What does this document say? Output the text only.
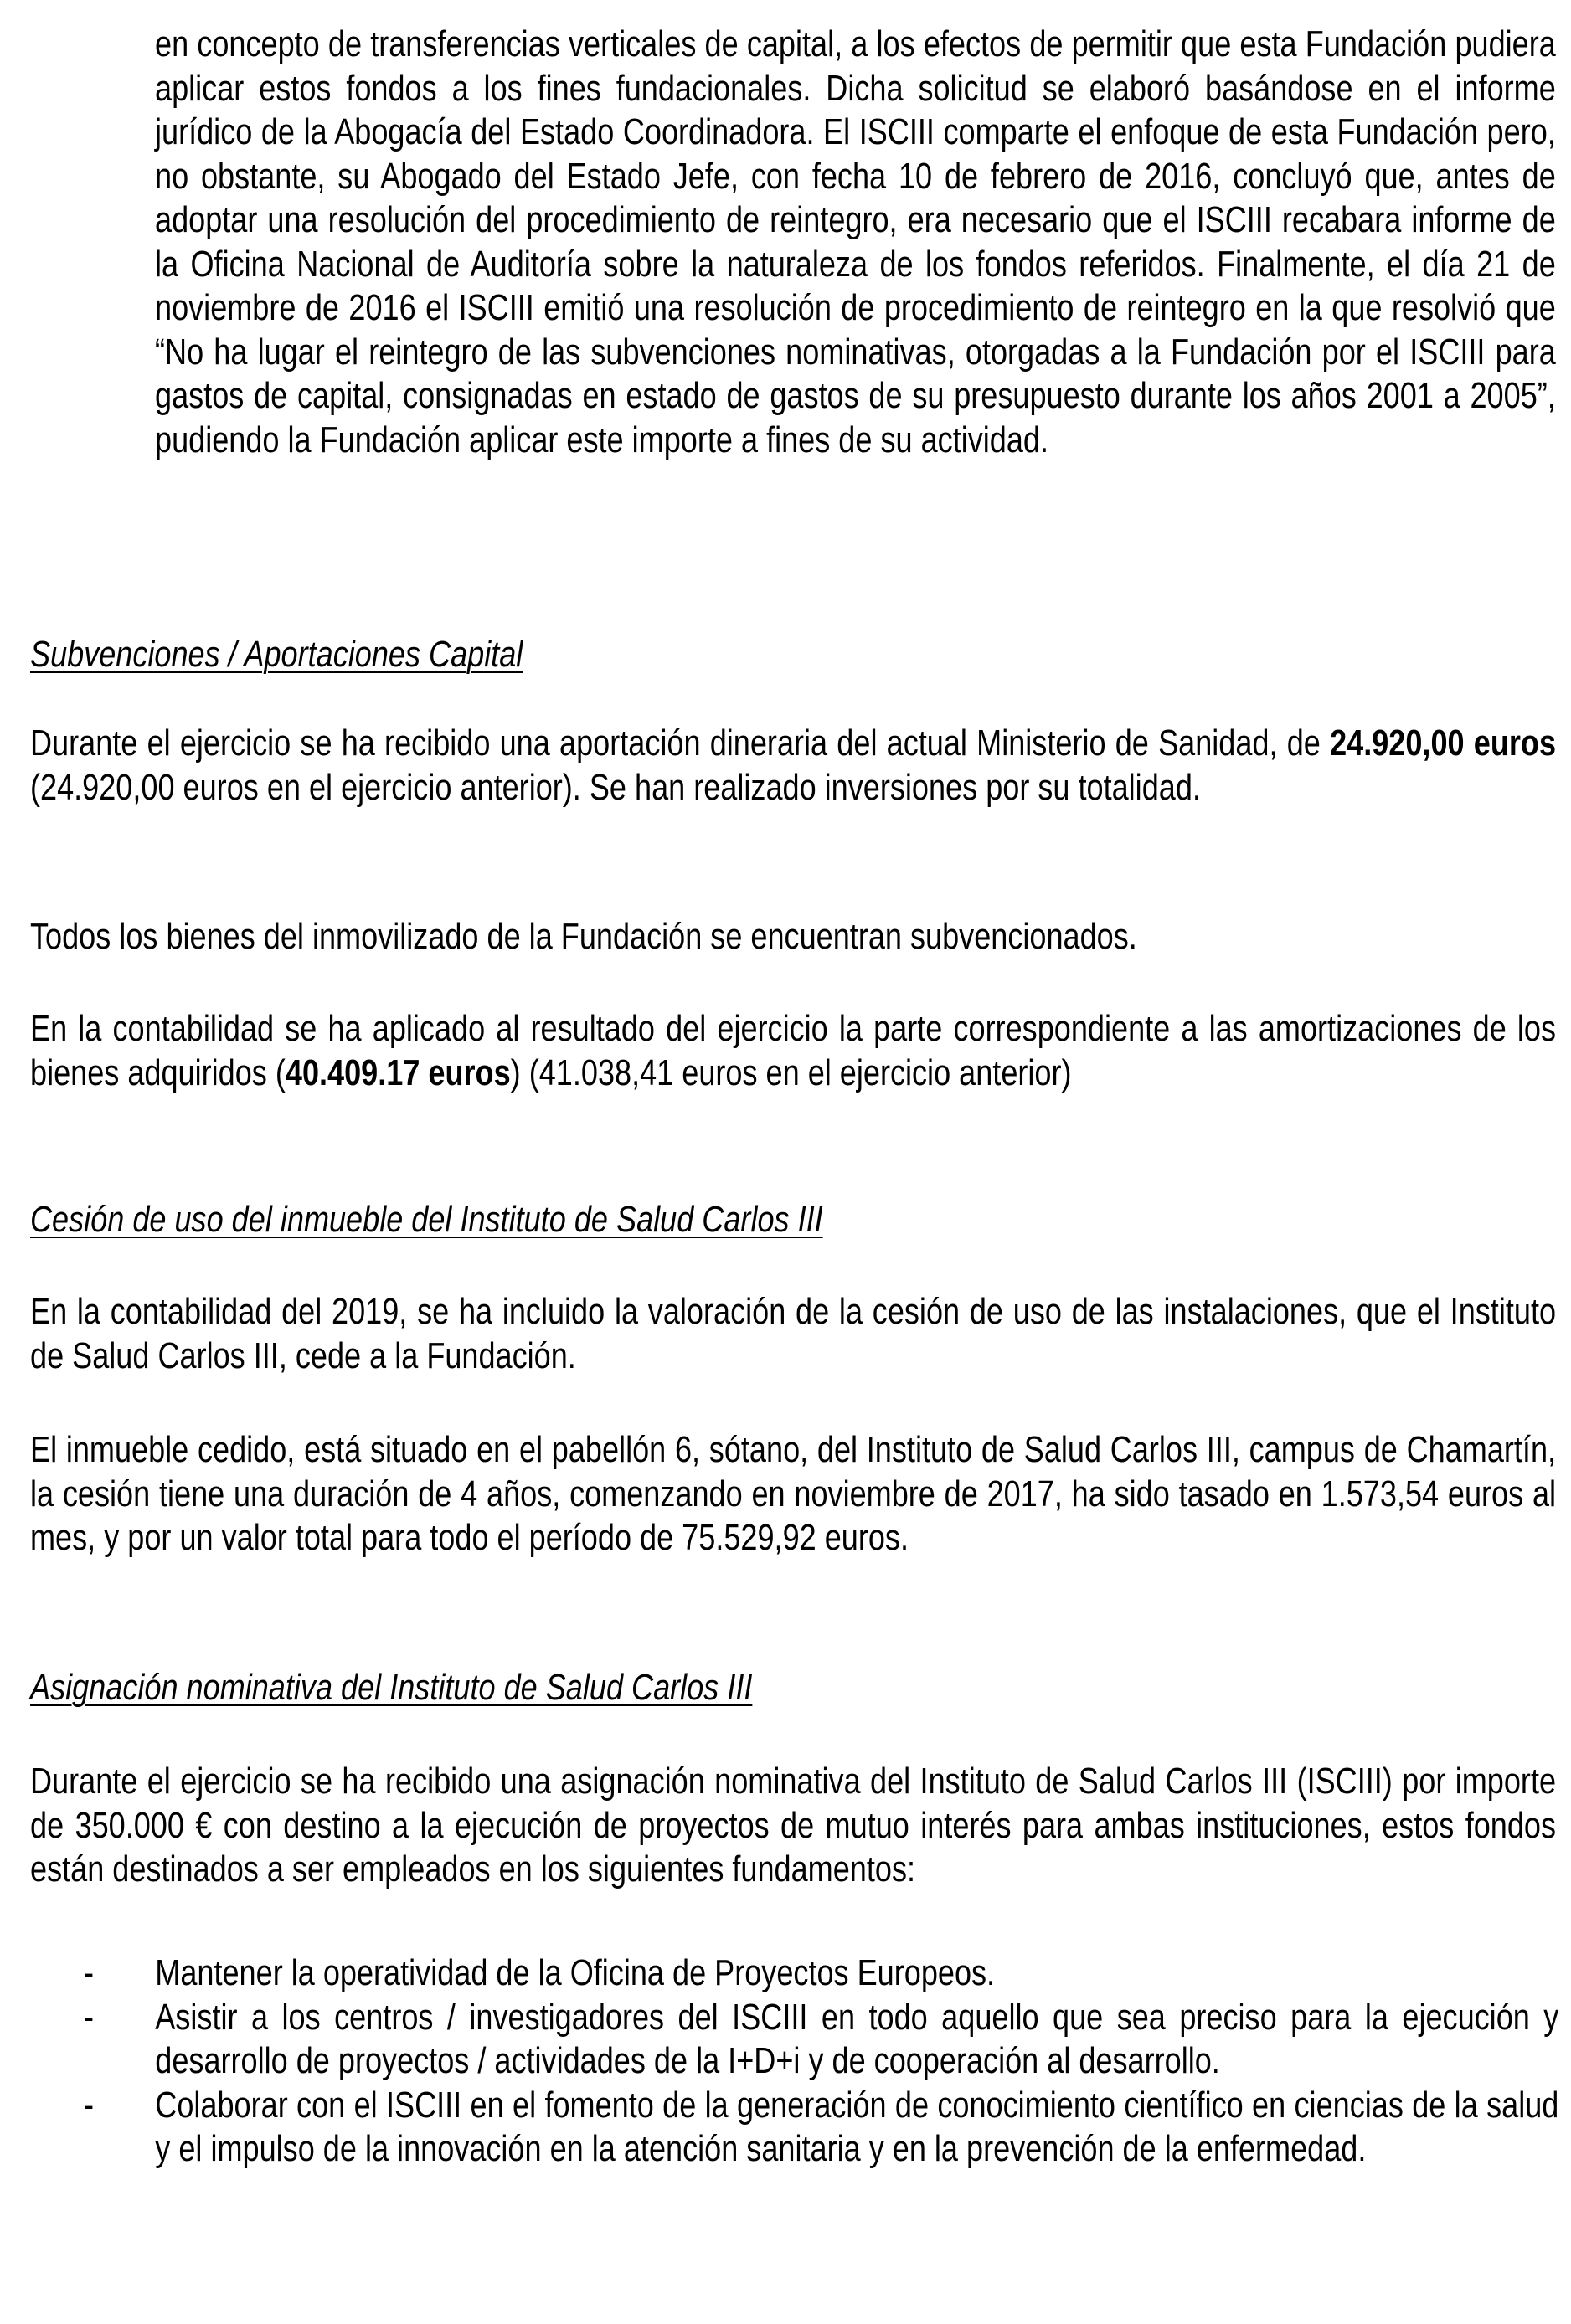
en concepto de transferencias verticales de capital, a los efectos de permitir que esta Fundación pudiera aplicar estos fondos a los fines fundacionales. Dicha solicitud se elaboró basándose en el informe jurídico de la Abogacía del Estado Coordinadora. El ISCIII comparte el enfoque de esta Fundación pero, no obstante, su Abogado del Estado Jefe, con fecha 10 de febrero de 2016, concluyó que, antes de adoptar una resolución del procedimiento de reintegro, era necesario que el ISCIII recabara informe de la Oficina Nacional de Auditoría sobre la naturaleza de los fondos referidos. Finalmente, el día 21 de noviembre de 2016 el ISCIII emitió una resolución de procedimiento de reintegro en la que resolvió que “No ha lugar el reintegro de las subvenciones nominativas, otorgadas a la Fundación por el ISCIII para gastos de capital, consignadas en estado de gastos de su presupuesto durante los años 2001 a 2005”, pudiendo la Fundación aplicar este importe a fines de su actividad.

Subvenciones / Aportaciones Capital

Durante el ejercicio se ha recibido una aportación dineraria del actual Ministerio de Sanidad, de 24.920,00 euros (24.920,00 euros en el ejercicio anterior). Se han realizado inversiones por su totalidad.

Todos los bienes del inmovilizado de la Fundación se encuentran subvencionados.

En la contabilidad se ha aplicado al resultado del ejercicio la parte correspondiente a las amortizaciones de los bienes adquiridos (40.409.17 euros) (41.038,41 euros en el ejercicio anterior)

Cesión de uso del inmueble del Instituto de Salud Carlos III

En la contabilidad del 2019, se ha incluido la valoración de la cesión de uso de las instalaciones, que el Instituto de Salud Carlos III, cede a la Fundación.

El inmueble cedido, está situado en el pabellón 6, sótano, del Instituto de Salud Carlos III, campus de Chamartín, la cesión tiene una duración de 4 años, comenzando en noviembre de 2017, ha sido tasado en 1.573,54 euros al mes, y por un valor total para todo el período de 75.529,92 euros.

Asignación nominativa del Instituto de Salud Carlos III

Durante el ejercicio se ha recibido una asignación nominativa del Instituto de Salud Carlos III (ISCIII) por importe de 350.000 € con destino a la ejecución de proyectos de mutuo interés para ambas instituciones, estos fondos están destinados a ser empleados en los siguientes fundamentos:

-	Mantener la operatividad de la Oficina de Proyectos Europeos.
-	Asistir a los centros / investigadores del ISCIII en todo aquello que sea preciso para la ejecución y desarrollo de proyectos / actividades de la I+D+i y de cooperación al desarrollo.
-	Colaborar con el ISCIII en el fomento de la generación de conocimiento científico en ciencias de la salud y el impulso de la innovación en la atención sanitaria y en la prevención de la enfermedad.
